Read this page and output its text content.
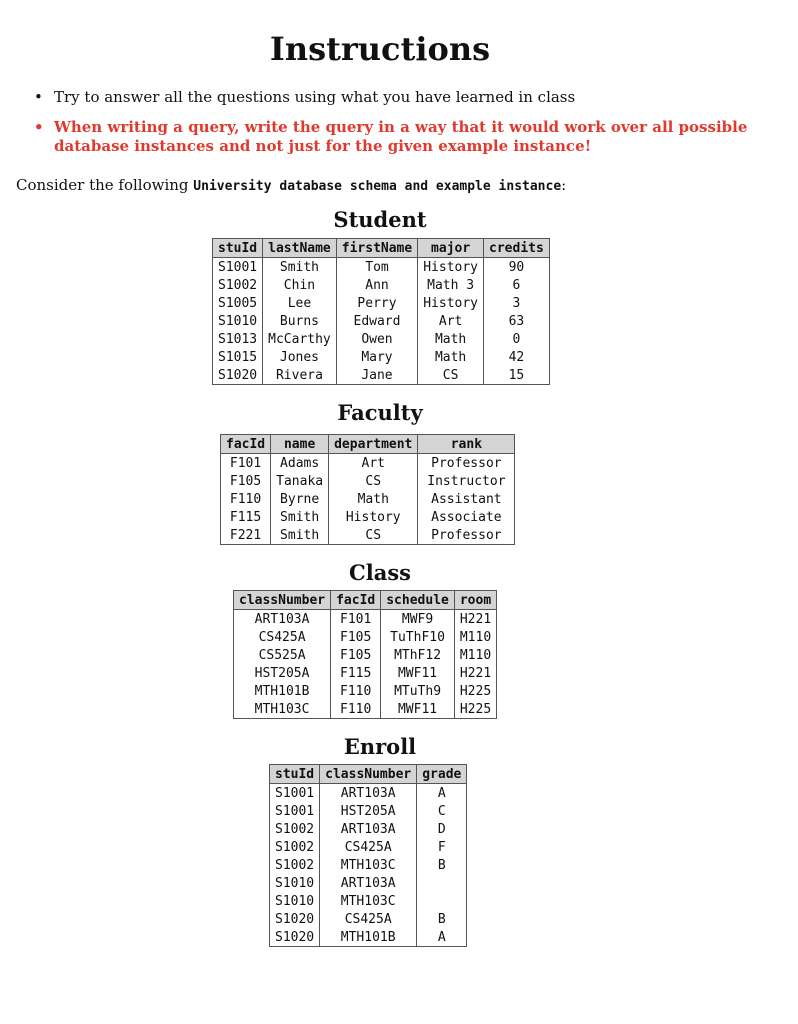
Instructions
• Try to answer all the questions using what you have learned in class
• When writing a query, write the query in a way that it would work over all possible database instances and not just for the given example instance!

Consider the following University database schema and example instance:

Student
stuId	lastName	firstName	major	credits
S1001	Smith	Tom	History	90
S1002	Chin	Ann	Math 3	6
S1005	Lee	Perry	History	3
S1010	Burns	Edward	Art	63
S1013	McCarthy	Owen	Math	0
S1015	Jones	Mary	Math	42
S1020	Rivera	Jane	CS	15
Faculty
facId	name	department	rank
F101	Adams	Art	Professor
F105	Tanaka	CS	Instructor
F110	Byrne	Math	Assistant
F115	Smith	History	Associate
F221	Smith	CS	Professor
Class
classNumber	facId	schedule	room
ART103A	F101	MWF9	H221
CS425A	F105	TuThF10	M110
CS525A	F105	MThF12	M110
HST205A	F115	MWF11	H221
MTH101B	F110	MTuTh9	H225
MTH103C	F110	MWF11	H225
Enroll
stuId	classNumber	grade
S1001	ART103A	A
S1001	HST205A	C
S1002	ART103A	D
S1002	CS425A	F
S1002	MTH103C	B
S1010	ART103A	
S1010	MTH103C	
S1020	CS425A	B
S1020	MTH101B	A
